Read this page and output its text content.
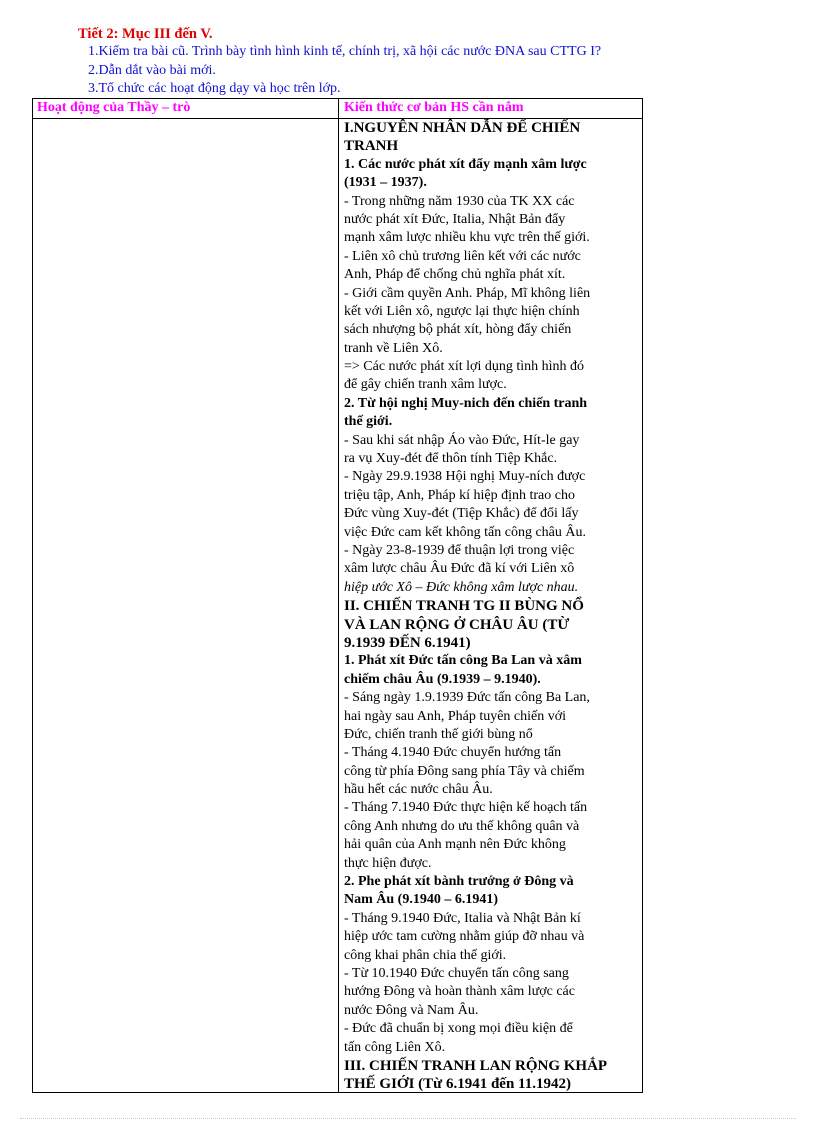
Tiết 2: Mục III đến V.
1.Kiểm tra bài cũ. Trình bày tình hình kinh tế, chính trị, xã hội các nước ĐNA sau CTTG I?
2.Dẫn dắt vào bài mới.
3.Tổ chức các hoạt động dạy và học trên lớp.
Hoạt động của Thầy – trò	Kiến thức cơ bản HS cần nắm
I.NGUYÊN NHÂN DẪN ĐẾ CHIẾN
TRANH
1. Các nước phát xít đẩy mạnh xâm lược
(1931 – 1937).
- Trong những năm 1930 của TK XX các
nước phát xít Đức, Italia, Nhật Bản đẩy
mạnh xâm lược nhiều khu vực trên thế giới.
- Liên xô chủ trương liên kết với các nước
Anh, Pháp để chống chủ nghĩa phát xít.
- Giới cầm quyền Anh. Pháp, Mĩ không liên
kết với Liên xô, ngược lại thực hiện chính
sách nhượng bộ phát xít, hòng đẩy chiến
tranh về Liên Xô.
=> Các nước phát xít lợi dụng tình hình đó
để gây chiến tranh xâm lược.
2. Từ hội nghị Muy-nich đến chiến tranh
thế giới.
- Sau khi sát nhập Áo vào Đức, Hít-le gay
ra vụ Xuy-đét để thôn tính Tiệp Khắc.
- Ngày 29.9.1938 Hội nghị Muy-ních được
triệu tập, Anh, Pháp kí hiệp định trao cho
Đức vùng Xuy-đét (Tiệp Khắc) để đổi lấy
việc Đức cam kết không tấn công châu Âu.
- Ngày 23-8-1939 để thuận lợi trong việc
xâm lược châu Âu Đức đã kí với Liên xô
hiệp ước Xô – Đức không xâm lược nhau.
II. CHIẾN TRANH TG II BÙNG NỔ
VÀ LAN RỘNG Ở CHÂU ÂU (TỪ
9.1939 ĐẾN 6.1941)
1. Phát xít Đức tấn công Ba Lan và xâm
chiếm châu Âu (9.1939 – 9.1940).
- Sáng ngày 1.9.1939 Đức tấn công Ba Lan,
hai ngày sau Anh, Pháp tuyên chiến với
Đức, chiến tranh thế giới bùng nổ
- Tháng 4.1940 Đức chuyển hướng tấn
công từ phía Đông sang phía Tây và chiếm
hầu hết các nước châu Âu.
- Tháng 7.1940 Đức thực hiện kế hoạch tấn
công Anh nhưng do ưu thế không quân và
hải quân của Anh mạnh nên Đức không
thực hiện được.
2. Phe phát xít bành trướng ở Đông và
Nam Âu (9.1940 – 6.1941)
- Tháng 9.1940 Đức, Italia và Nhật Bản kí
hiệp ước tam cường nhằm giúp đỡ nhau và
công khai phân chia thế giới.
- Từ 10.1940 Đức chuyển tấn công sang
hướng Đông và hoàn thành xâm lược các
nước Đông và Nam Âu.
- Đức đã chuẩn bị xong mọi điều kiện để
tấn công Liên Xô.
III. CHIẾN TRANH LAN RỘNG KHẮP
THẾ GIỚI (Từ 6.1941 đến 11.1942)
